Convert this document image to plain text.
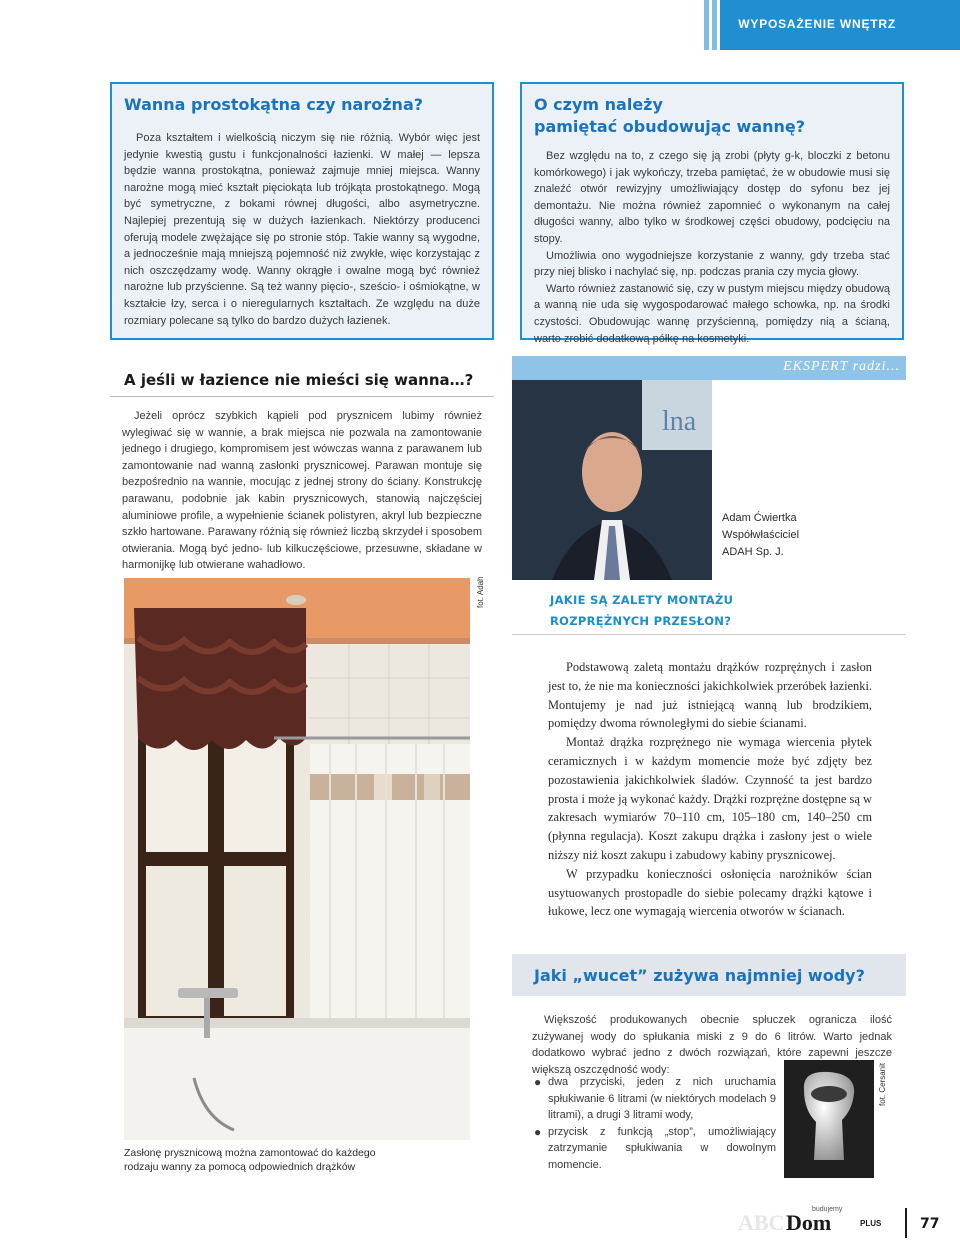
WYPOSAŻENIE WNĘTRZ
Wanna prostokątna czy narożna?

Poza kształtem i wielkością niczym się nie różnią. Wybór więc jest jedynie kwestią gustu i funkcjonalności łazienki. W małej — lepsza będzie wanna prostokątna, ponieważ zajmuje mniej miejsca. Wanny narożne mogą mieć kształt pięciokąta lub trójkąta prostokątnego. Mogą być symetryczne, z bokami równej długości, albo asymetryczne. Najlepiej prezentują się w dużych łazienkach. Niektórzy producenci oferują modele zwężające się po stronie stóp. Takie wanny są wygodne, a jednocześnie mają mniejszą pojemność niż zwykłe, więc korzystając z nich oszczędzamy wodę. Wanny okrągłe i owalne mogą być również narożne lub przyścienne. Są też wanny pięcio-, sześcio- i ośmiokątne, w kształcie łzy, serca i o nieregularnych kształtach. Ze względu na duże rozmiary polecane są tylko do bardzo dużych łazienek.

O czym należy
pamiętać obudowując wannę?

Bez względu na to, z czego się ją zrobi (płyty g-k, bloczki z betonu komórkowego) i jak wykończy, trzeba pamiętać, że w obudowie musi się znaleźć otwór rewizyjny umożliwiający dostęp do syfonu bez jej demontażu. Nie można również zapomnieć o wykonanym na całej długości wanny, albo tylko w środkowej części obudowy, podcięciu na stopy.

Umożliwia ono wygodniejsze korzystanie z wanny, gdy trzeba stać przy niej blisko i nachylać się, np. podczas prania czy mycia głowy.

Warto również zastanowić się, czy w pustym miejscu między obudową a wanną nie uda się wygospodarować małego schowka, np. na środki czystości. Obudowując wannę przyścienną, pomiędzy nią a ścianą, warto zrobić dodatkową półkę na kosmetyki.

A jeśli w łazience nie mieści się wanna…?

Jeżeli oprócz szybkich kąpieli pod prysznicem lubimy również wylegiwać się w wannie, a brak miejsca nie pozwala na zamontowanie jednego i drugiego, kompromisem jest wówczas wanna z parawanem lub zamontowanie nad wanną zasłonki prysznicowej. Parawan montuje się bezpośrednio na wannie, mocując z jednej strony do ściany. Konstrukcję parawanu, podobnie jak kabin prysznicowych, stanowią najczęściej aluminiowe profile, a wypełnienie ścianek polistyren, akryl lub bezpieczne szkło hartowane. Parawany różnią się również liczbą skrzydeł i sposobem otwierania. Mogą być jedno- lub kilkuczęściowe, przesuwne, składane w harmonijkę lub otwierane wahadłowo.

fot. Adah
Zasłonę prysznicową można zamontować do każdego rodzaju wanny za pomocą odpowiednich drążków
EKSPERT radzi...
lna
Adam Ćwiertka
Współwłaściciel
ADAH Sp. J.
JAKIE SĄ ZALETY MONTAŻU
ROZPRĘŻNYCH PRZESŁON?

Podstawową zaletą montażu drążków rozprężnych i zasłon jest to, że nie ma konieczności jakichkolwiek przeróbek łazienki. Montujemy je nad już istniejącą wanną lub brodzikiem, pomiędzy dwoma równoległymi do siebie ścianami.

Montaż drążka rozprężnego nie wymaga wiercenia płytek ceramicznych i w każdym momencie może być zdjęty bez pozostawienia jakichkolwiek śladów. Czynność ta jest bardzo prosta i może ją wykonać każdy. Drążki rozprężne dostępne są w zakresach wymiarów 70–110 cm, 105–180 cm, 140–250 cm (płynna regulacja). Koszt zakupu drążka i zasłony jest o wiele niższy niż koszt zakupu i zabudowy kabiny prysznicowej.

W przypadku konieczności osłonięcia narożników ścian usytuowanych prostopadle do siebie polecamy drążki kątowe i łukowe, lecz one wymagają wiercenia otworów w ścianach.

Jaki „wucet” zużywa najmniej wody?

Większość produkowanych obecnie spłuczek ogranicza ilość zużywanej wody do spłukania miski z 9 do 6 litrów. Warto jednak dodatkowo wybrać jedno z dwóch rozwiązań, które zapewni jeszcze większą oszczędność wody:

● dwa przyciski, jeden z nich uruchamia spłukiwanie 6 litrami (w niektórych modelach 9 litrami), a drugi 3 litrami wody,
● przycisk z funkcją „stop”, umożliwiający zatrzymanie spłukiwania w dowolnym momencie.
fot. Cersanit
ABC
budujemy
Dom	PLUS	77
